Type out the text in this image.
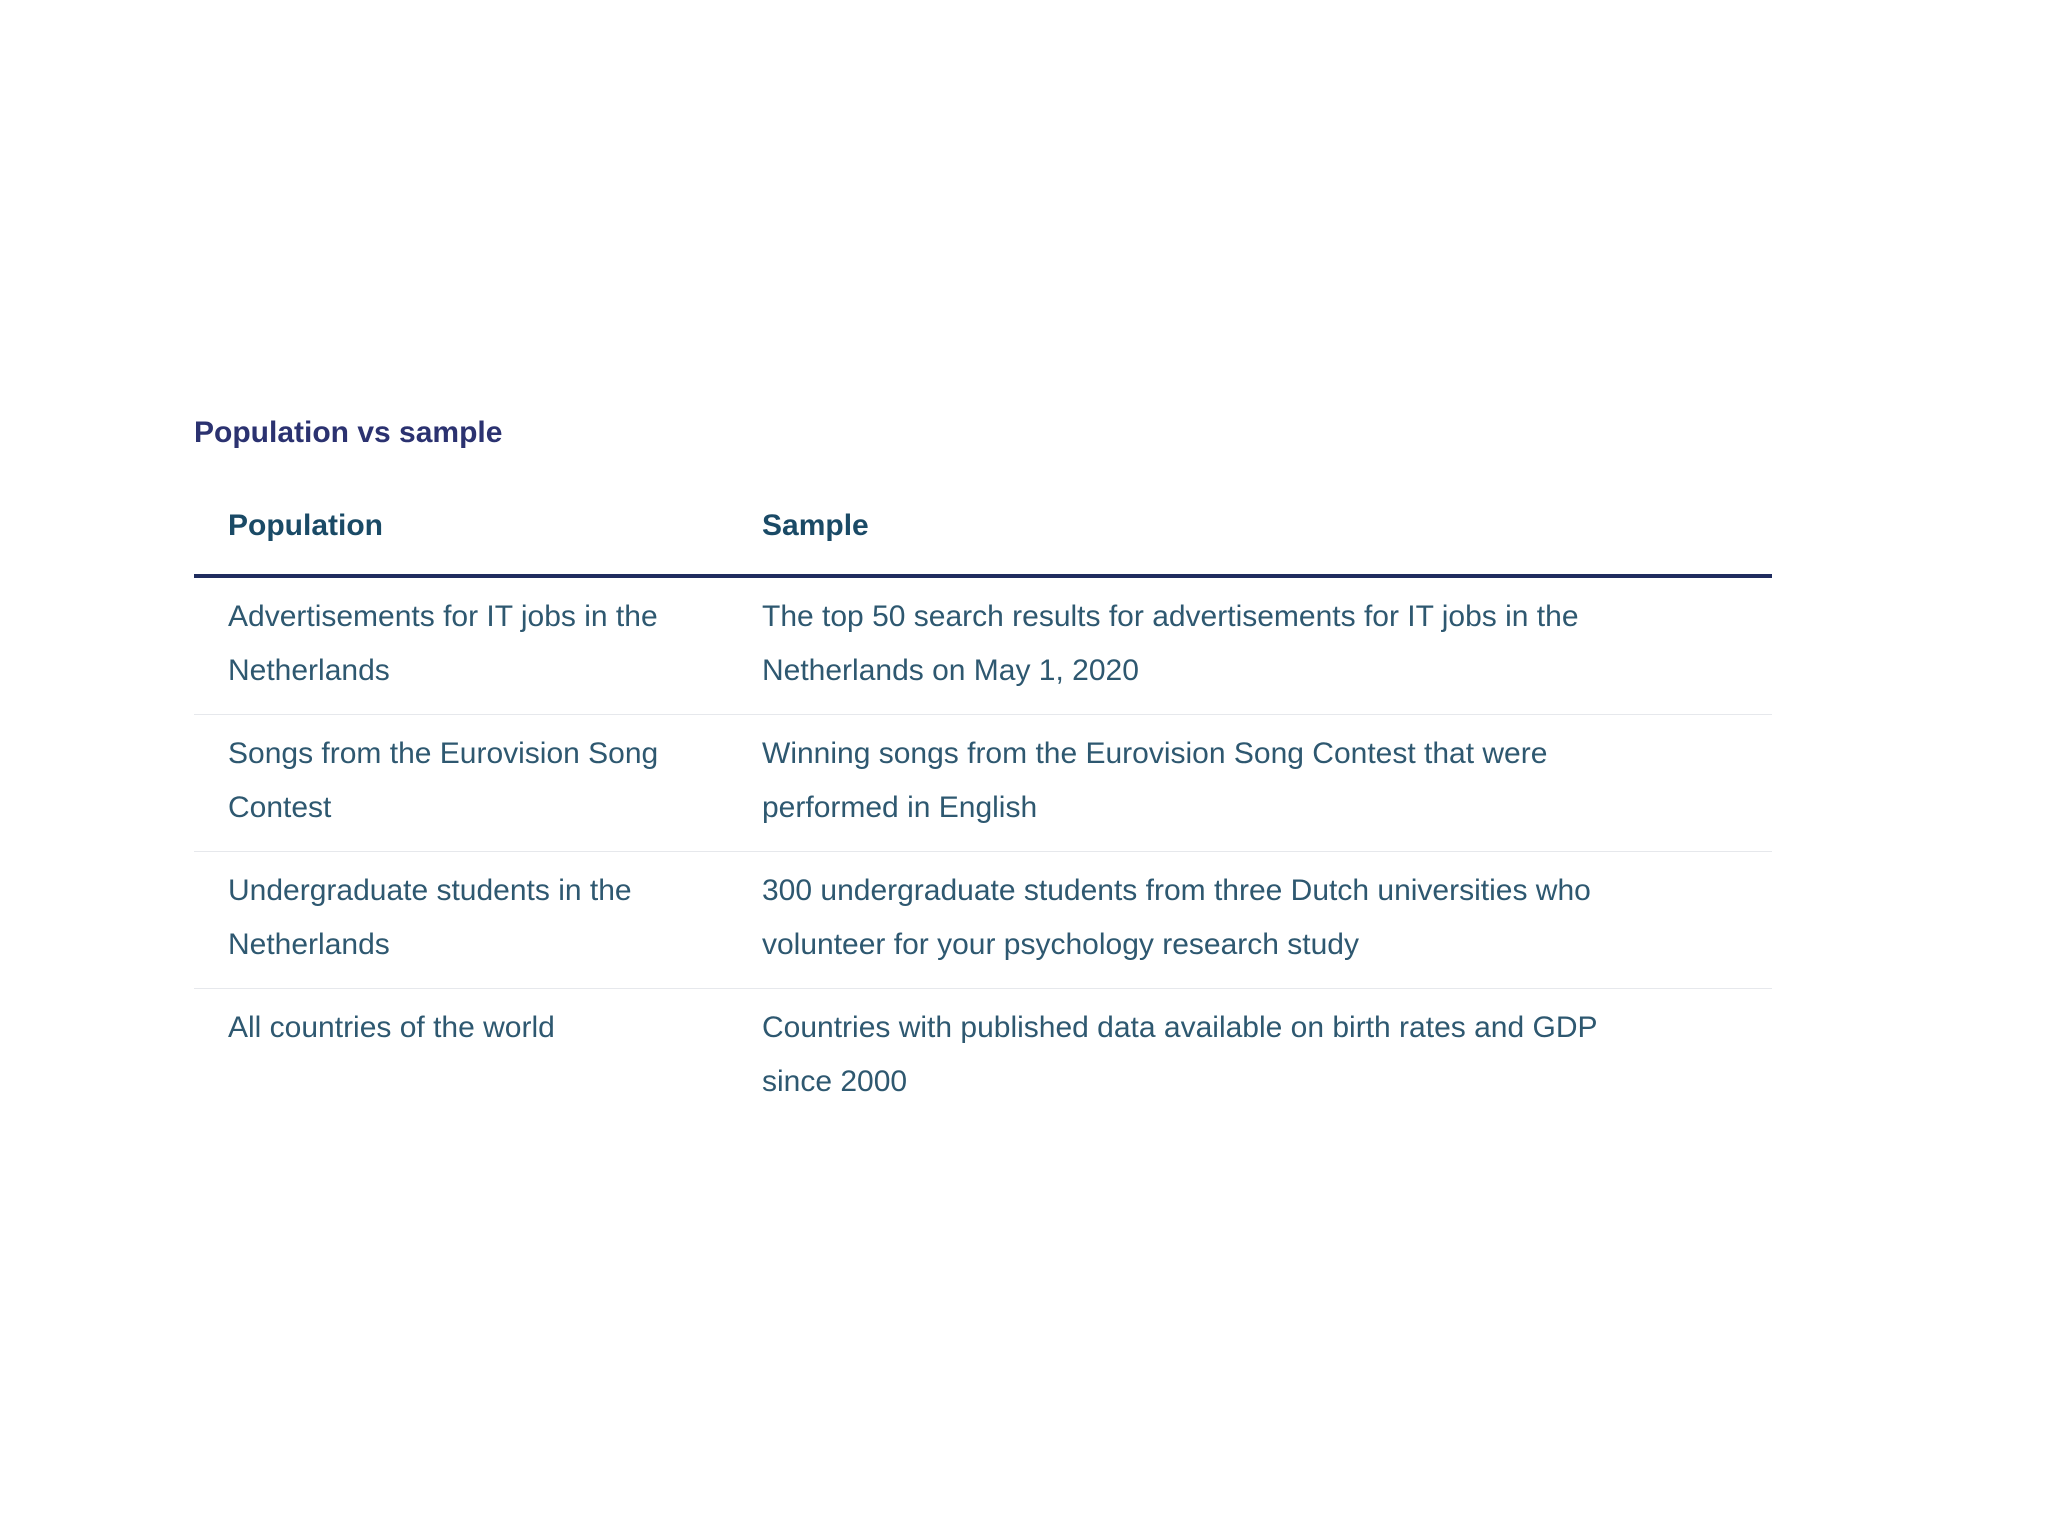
Population vs sample
Population	Sample
Advertisements for IT jobs in the Netherlands	The top 50 search results for advertisements for IT jobs in the Netherlands on May 1, 2020
Songs from the Eurovision Song Contest	Winning songs from the Eurovision Song Contest that were performed in English
Undergraduate students in the Netherlands	300 undergraduate students from three Dutch universities who volunteer for your psychology research study
All countries of the world	Countries with published data available on birth rates and GDP since 2000
